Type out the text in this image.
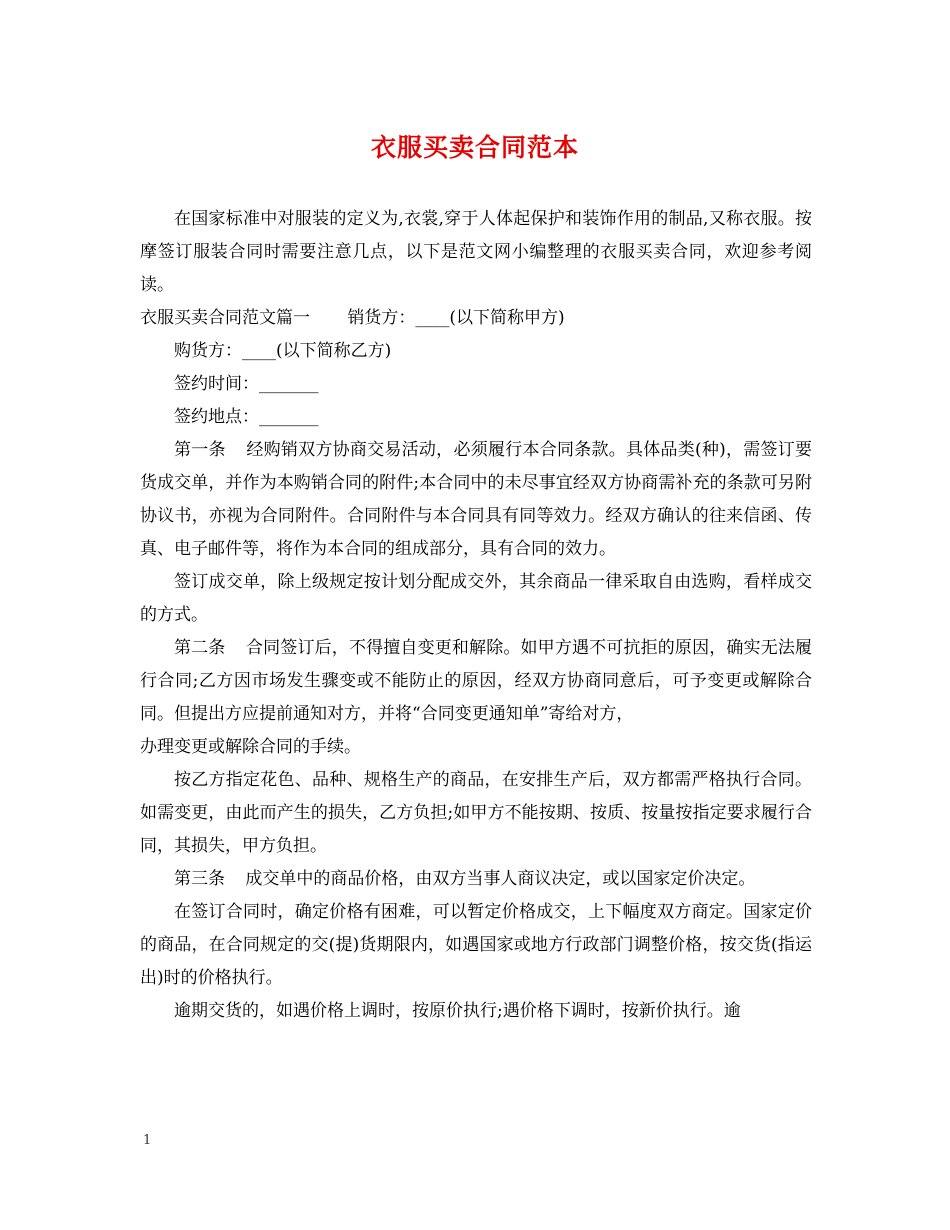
衣服买卖合同范本

在国家标准中对服装的定义为,衣裳,穿于人体起保护和装饰作用的制品,又称衣服。按摩签订服装合同时需要注意几点，以下是范文网小编整理的衣服买卖合同，欢迎参考阅读。

衣服买卖合同范文篇一 销货方：____(以下简称甲方)

购货方：____(以下简称乙方)

签约时间：_______

签约地点：_______

第一条 经购销双方协商交易活动，必须履行本合同条款。具体品类(种)，需签订要货成交单，并作为本购销合同的附件;本合同中的未尽事宜经双方协商需补充的条款可另附协议书，亦视为合同附件。合同附件与本合同具有同等效力。经双方确认的往来信函、传真、电子邮件等，将作为本合同的组成部分，具有合同的效力。

签订成交单，除上级规定按计划分配成交外，其余商品一律采取自由选购，看样成交的方式。

第二条 合同签订后，不得擅自变更和解除。如甲方遇不可抗拒的原因，确实无法履行合同;乙方因市场发生骤变或不能防止的原因，经双方协商同意后，可予变更或解除合同。但提出方应提前通知对方，并将“合同变更通知单”寄给对方，

办理变更或解除合同的手续。

按乙方指定花色、品种、规格生产的商品，在安排生产后，双方都需严格执行合同。如需变更，由此而产生的损失，乙方负担;如甲方不能按期、按质、按量按指定要求履行合同，其损失，甲方负担。

第三条 成交单中的商品价格，由双方当事人商议决定，或以国家定价决定。

在签订合同时，确定价格有困难，可以暂定价格成交，上下幅度双方商定。国家定价的商品，在合同规定的交(提)货期限内，如遇国家或地方行政部门调整价格，按交货(指运出)时的价格执行。

逾期交货的，如遇价格上调时，按原价执行;遇价格下调时，按新价执行。逾

1
